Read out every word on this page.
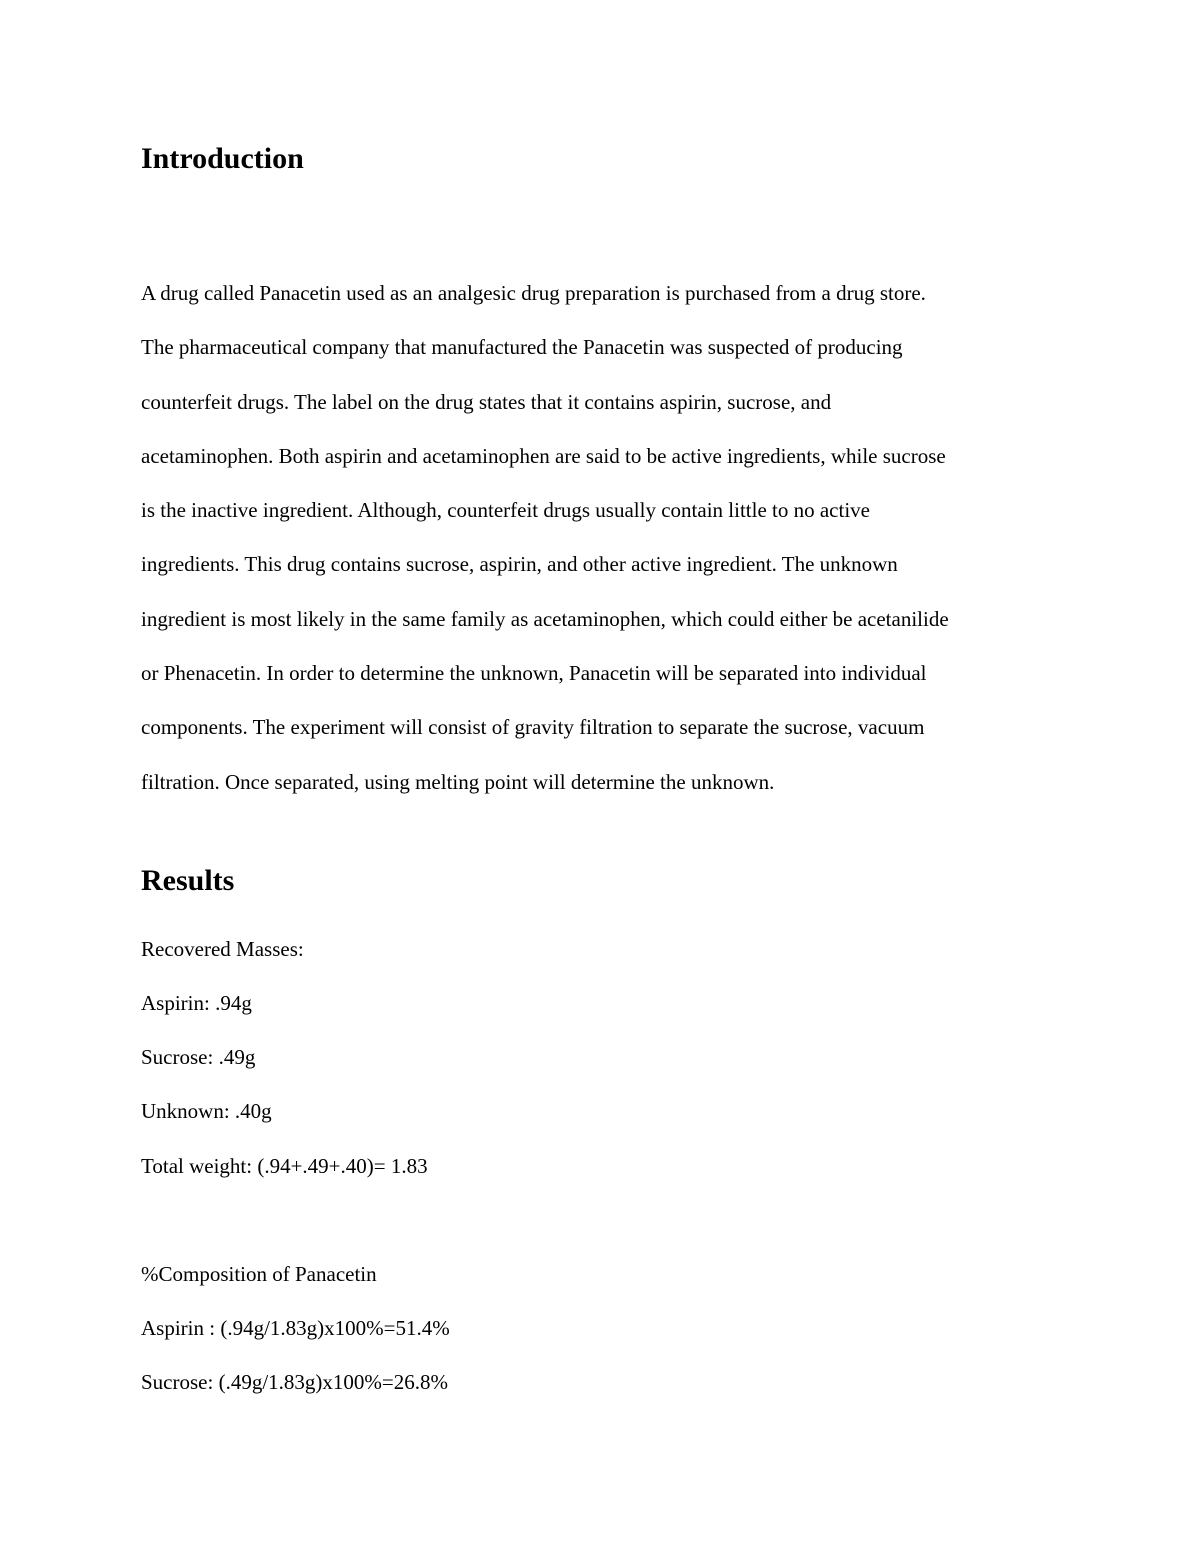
Introduction

A drug called Panacetin used as an analgesic drug preparation is purchased from a drug store.
The pharmaceutical company that manufactured the Panacetin was suspected of producing
counterfeit drugs. The label on the drug states that it contains aspirin, sucrose, and
acetaminophen. Both aspirin and acetaminophen are said to be active ingredients, while sucrose
is the inactive ingredient. Although, counterfeit drugs usually contain little to no active
ingredients. This drug contains sucrose, aspirin, and other active ingredient. The unknown
ingredient is most likely in the same family as acetaminophen, which could either be acetanilide
or Phenacetin. In order to determine the unknown, Panacetin will be separated into individual
components. The experiment will consist of gravity filtration to separate the sucrose, vacuum
filtration. Once separated, using melting point will determine the unknown.

Results

Recovered Masses:

Aspirin: .94g

Sucrose: .49g

Unknown: .40g

Total weight: (.94+.49+.40)= 1.83

%Composition of Panacetin

Aspirin : (.94g/1.83g)x100%=51.4%

Sucrose: (.49g/1.83g)x100%=26.8%
